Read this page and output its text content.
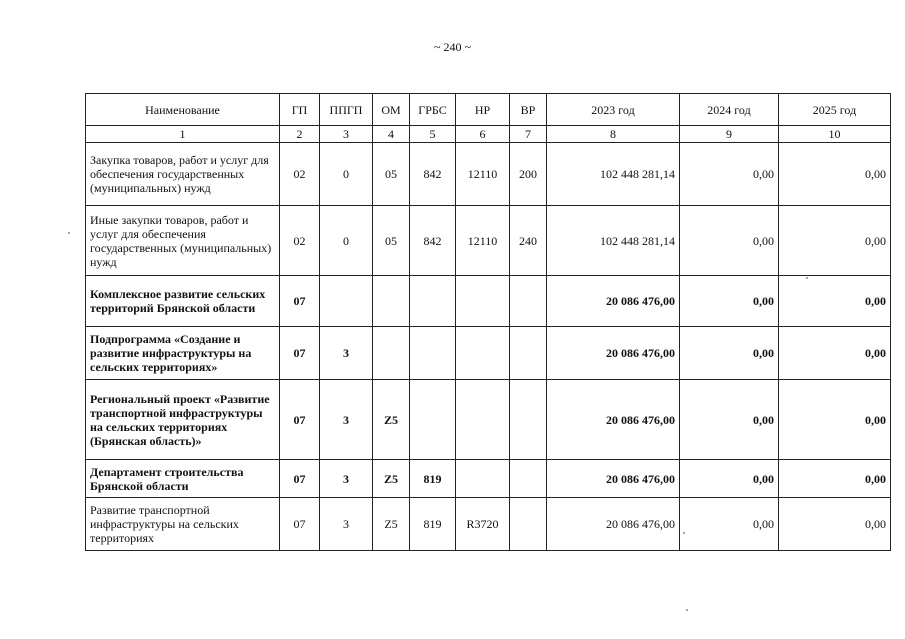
~ 240 ~
Наименование	ГП	ППГП	ОМ	ГРБС	НР	ВР	2023 год	2024 год	2025 год
1	2	3	4	5	6	7	8	9	10
Закупка товаров, работ и услуг для обеспечения государственных (муниципальных) нужд	02	0	05	842	12110	200	102 448 281,14	0,00	0,00
Иные закупки товаров, работ и услуг для обеспечения государственных (муниципальных) нужд	02	0	05	842	12110	240	102 448 281,14	0,00	0,00
Комплексное развитие сельских территорий Брянской области	07						20 086 476,00	0,00	0,00
Подпрограмма «Создание и развитие инфраструктуры на сельских территориях»	07	3					20 086 476,00	0,00	0,00
Региональный проект «Развитие транспортной инфраструктуры на сельских территориях (Брянская область)»	07	3	Z5				20 086 476,00	0,00	0,00
Департамент строительства Брянской области	07	3	Z5	819			20 086 476,00	0,00	0,00
Развитие транспортной инфраструктуры на сельских территориях	07	3	Z5	819	R3720		20 086 476,00	0,00	0,00
